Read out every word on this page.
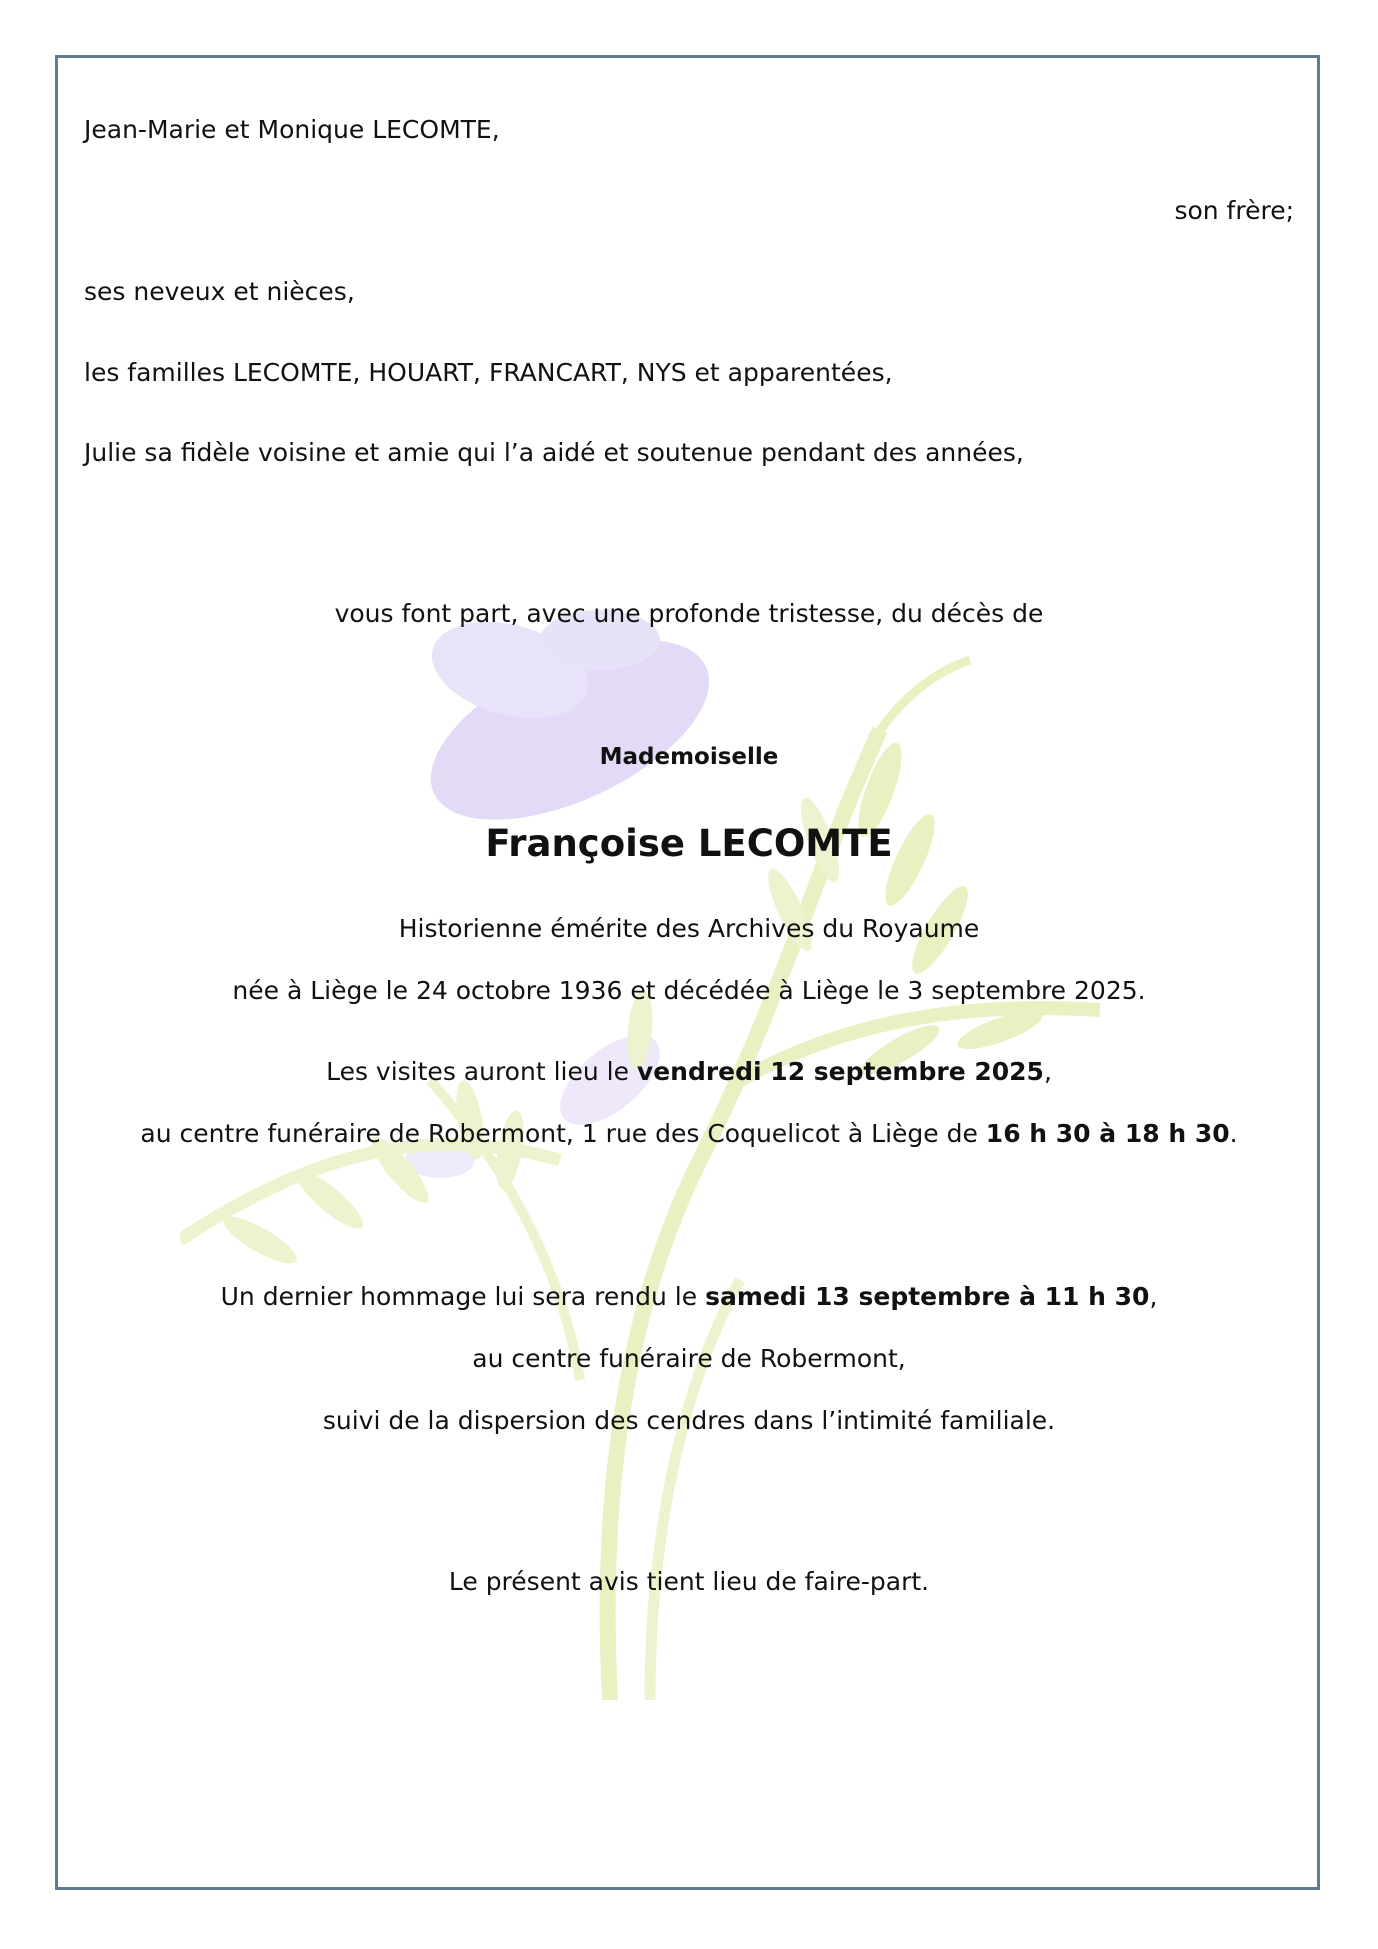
Jean-Marie et Monique LECOMTE,

son frère;

ses neveux et nièces,

les familles LECOMTE, HOUART, FRANCART, NYS et apparentées,

Julie sa fidèle voisine et amie qui l’a aidé et soutenue pendant des années,

vous font part, avec une profonde tristesse, du décès de

Mademoiselle

Françoise LECOMTE

Historienne émérite des Archives du Royaume

née à Liège le 24 octobre 1936 et décédée à Liège le 3 septembre 2025.

Les visites auront lieu le vendredi 12 septembre 2025,

au centre funéraire de Robermont, 1 rue des Coquelicot à Liège de 16 h 30 à 18 h 30.

Un dernier hommage lui sera rendu le samedi 13 septembre à 11 h 30,

au centre funéraire de Robermont,

suivi de la dispersion des cendres dans l’intimité familiale.

Le présent avis tient lieu de faire-part.
